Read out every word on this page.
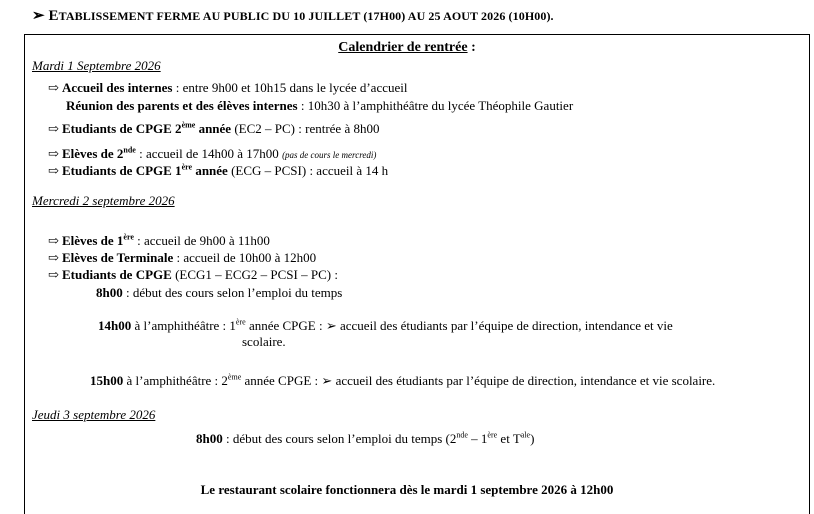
➢ ETABLISSEMENT FERME AU PUBLIC DU 10 JUILLET (17H00) AU 25 AOUT 2026 (10H00).
Calendrier de rentrée :
Mardi 1 Septembre 2026
⇨ Accueil des internes : entre 9h00 et 10h15 dans le lycée d’accueil
Réunion des parents et des élèves internes : 10h30 à l’amphithéâtre du lycée Théophile Gautier
⇨ Etudiants de CPGE 2ème année (EC2 – PC) : rentrée à 8h00
⇨ Elèves de 2nde : accueil de 14h00 à 17h00 (pas de cours le mercredi)
⇨ Etudiants de CPGE 1ère année (ECG – PCSI) : accueil à 14 h
Mercredi 2 septembre 2026
⇨ Elèves de 1ère : accueil de 9h00 à 11h00
⇨ Elèves de Terminale : accueil de 10h00 à 12h00
⇨ Etudiants de CPGE (ECG1 – ECG2 – PCSI – PC) :
8h00 : début des cours selon l’emploi du temps
14h00 à l’amphithéâtre : 1ère année CPGE : ➢ accueil des étudiants par l’équipe de direction, intendance et vie
scolaire.
15h00 à l’amphithéâtre : 2ème année CPGE : ➢ accueil des étudiants par l’équipe de direction, intendance et vie scolaire.
Jeudi 3 septembre 2026
8h00 : début des cours selon l’emploi du temps (2nde – 1ère et $T^{ale}$)
Le restaurant scolaire fonctionnera dès le mardi 1 septembre 2026 à 12h00
